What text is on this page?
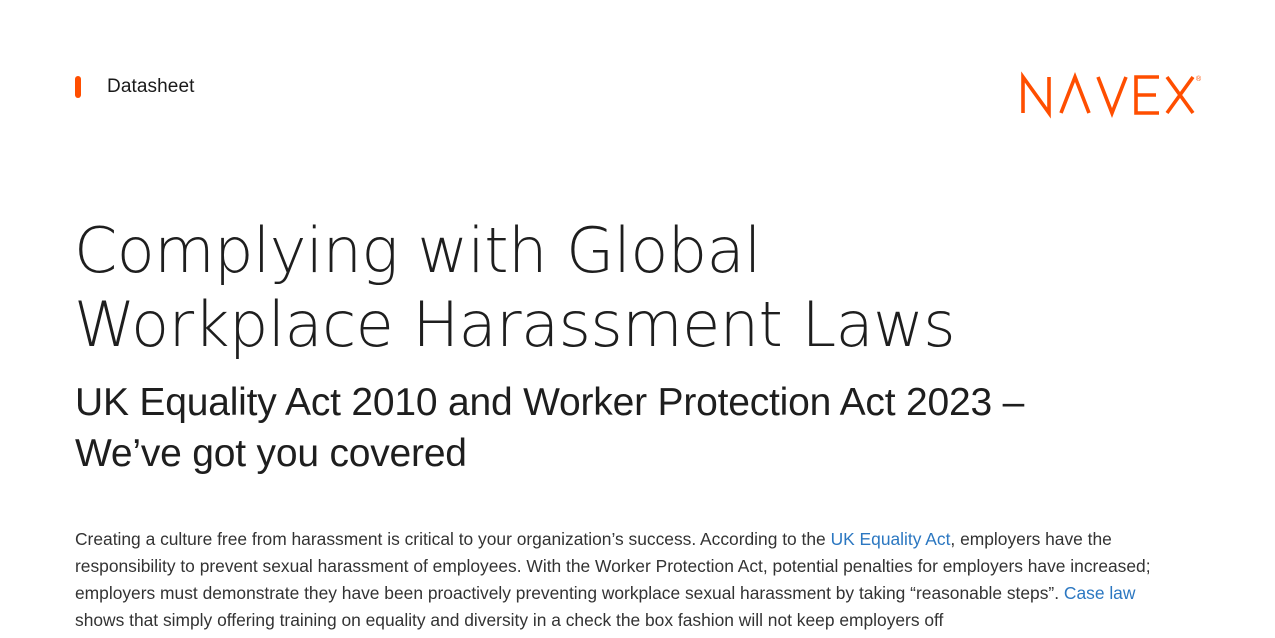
Datasheet	®
Complying with Global
Workplace Harassment Laws
UK Equality Act 2010 and Worker Protection Act 2023 –
We’ve got you covered

Creating a culture free from harassment is critical to your organization’s success. According to the UK Equality Act, employers have the responsibility to prevent sexual harassment of employees. With the Worker Protection Act, potential penalties for employers have increased; employers must demonstrate they have been proactively preventing workplace sexual harassment by taking “reasonable steps”. Case law shows that simply offering training on equality and diversity in a check the box fashion will not keep employers off
